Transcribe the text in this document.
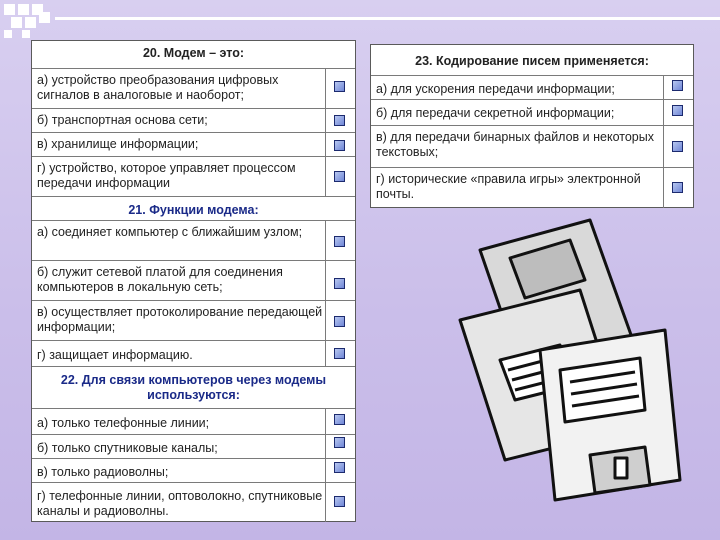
20. Модем – это:
а) устройство преобразования цифровых сигналов в аналоговые и наоборот;
б) транспортная основа сети;
в) хранилище информации;
г) устройство, которое управляет процессом передачи информации
21. Функции модема:
а) соединяет компьютер с ближайшим узлом;
б) служит сетевой платой для соединения компьютеров в локальную сеть;
в) осуществляет протоколирование передающей информации;
г) защищает информацию.
22. Для связи компьютеров через модемы используются:
а) только телефонные линии;
б) только спутниковые каналы;
в) только радиоволны;
г) телефонные линии, оптоволокно, спутниковые каналы и радиоволны.
23. Кодирование писем применяется:
а) для ускорения передачи информации;
б) для передачи секретной информации;
в) для передачи бинарных файлов и некоторых текстовых;
г) исторические «правила игры» электронной почты.
